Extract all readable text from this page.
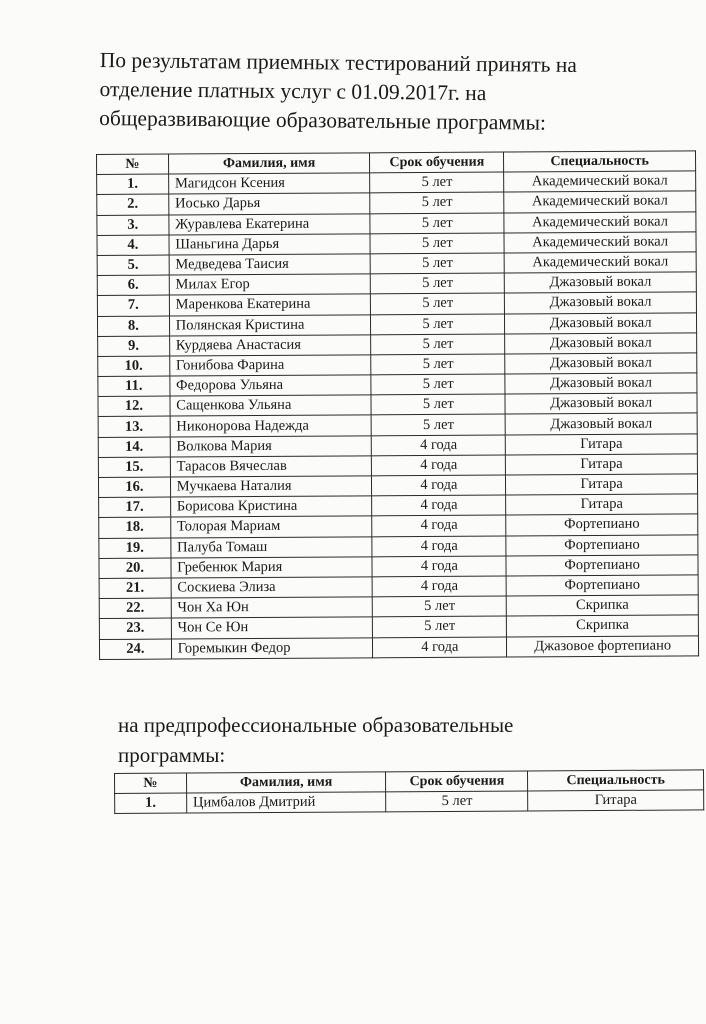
По результатам приемных тестирований принять на
отделение платных услуг с 01.09.2017г. на
общеразвивающие образовательные программы:
№	Фамилия, имя	Срок обучения	Специальность
1.	Магидсон Ксения	5 лет	Академический вокал
2.	Иосько Дарья	5 лет	Академический вокал
3.	Журавлева Екатерина	5 лет	Академический вокал
4.	Шаньгина Дарья	5 лет	Академический вокал
5.	Медведева Таисия	5 лет	Академический вокал
6.	Милах Егор	5 лет	Джазовый вокал
7.	Маренкова Екатерина	5 лет	Джазовый вокал
8.	Полянская Кристина	5 лет	Джазовый вокал
9.	Курдяева Анастасия	5 лет	Джазовый вокал
10.	Гонибова Фарина	5 лет	Джазовый вокал
11.	Федорова Ульяна	5 лет	Джазовый вокал
12.	Сащенкова Ульяна	5 лет	Джазовый вокал
13.	Никонорова Надежда	5 лет	Джазовый вокал
14.	Волкова Мария	4 года	Гитара
15.	Тарасов Вячеслав	4 года	Гитара
16.	Мучкаева Наталия	4 года	Гитара
17.	Борисова Кристина	4 года	Гитара
18.	Толорая Мариам	4 года	Фортепиано
19.	Палуба Томаш	4 года	Фортепиано
20.	Гребенюк Мария	4 года	Фортепиано
21.	Соскиева Элиза	4 года	Фортепиано
22.	Чон Ха Юн	5 лет	Скрипка
23.	Чон Се Юн	5 лет	Скрипка
24.	Горемыкин Федор	4 года	Джазовое фортепиано
на предпрофессиональные образовательные
программы:
№	Фамилия, имя	Срок обучения	Специальность
1.	Цимбалов Дмитрий	5 лет	Гитара
